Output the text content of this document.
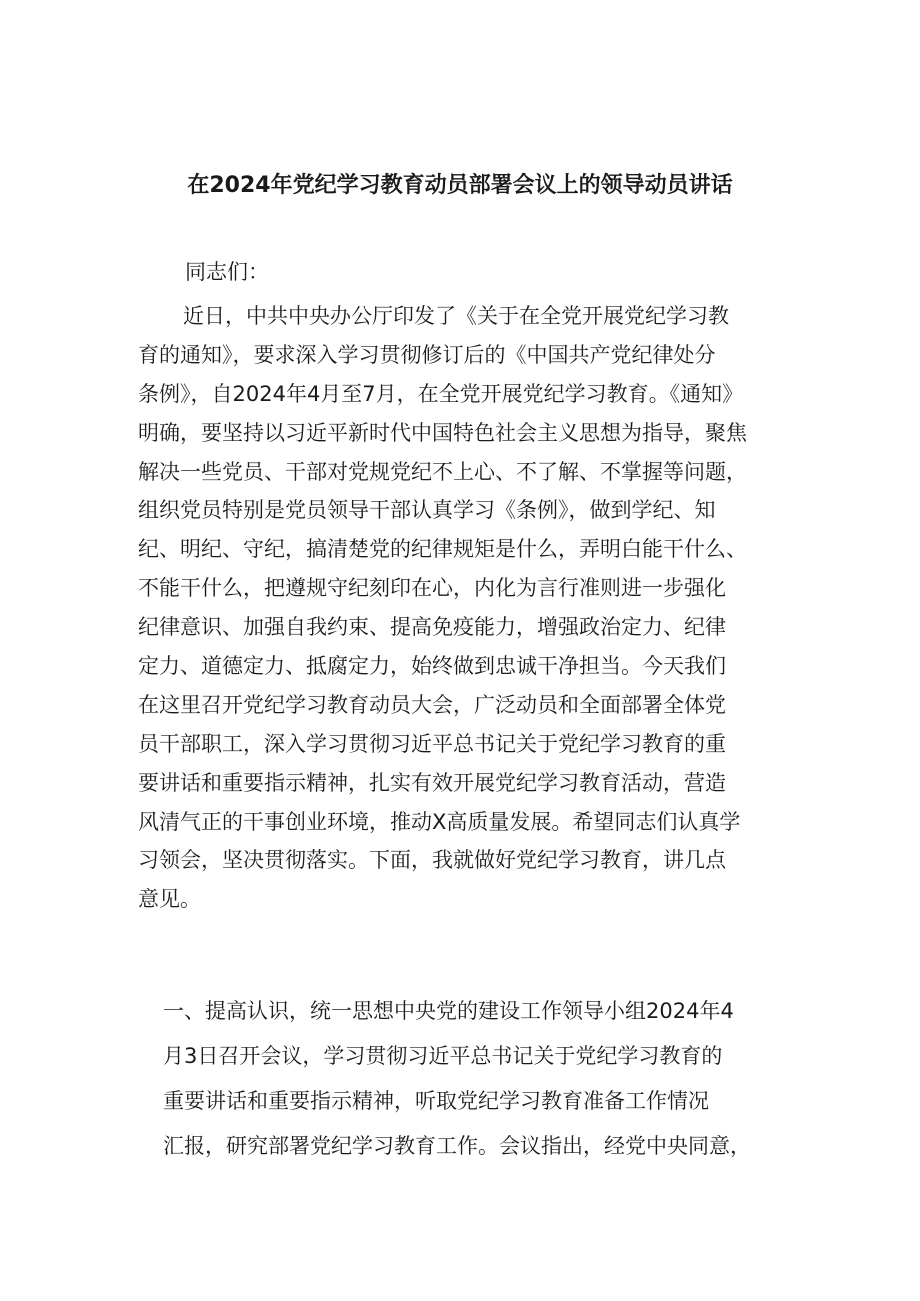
在2024年党纪学习教育动员部署会议上的领导动员讲话
同志们：
近日，中共中央办公厅印发了《关于在全党开展党纪学习教
育的通知》，要求深入学习贯彻修订后的《中国共产党纪律处分
条例》，自2024年4月至7月，在全党开展党纪学习教育。《通知》
明确，要坚持以习近平新时代中国特色社会主义思想为指导，聚焦
解决一些党员、干部对党规党纪不上心、不了解、不掌握等问题，
组织党员特别是党员领导干部认真学习《条例》，做到学纪、知
纪、明纪、守纪，搞清楚党的纪律规矩是什么，弄明白能干什么、
不能干什么，把遵规守纪刻印在心，内化为言行准则进一步强化
纪律意识、加强自我约束、提高免疫能力，增强政治定力、纪律
定力、道德定力、抵腐定力，始终做到忠诚干净担当。今天我们
在这里召开党纪学习教育动员大会，广泛动员和全面部署全体党
员干部职工，深入学习贯彻习近平总书记关于党纪学习教育的重
要讲话和重要指示精神，扎实有效开展党纪学习教育活动，营造
风清气正的干事创业环境，推动X高质量发展。希望同志们认真学
习领会，坚决贯彻落实。下面，我就做好党纪学习教育，讲几点
意见。
一、提高认识，统一思想中央党的建设工作领导小组2024年4
月3日召开会议，学习贯彻习近平总书记关于党纪学习教育的
重要讲话和重要指示精神，听取党纪学习教育准备工作情况
汇报，研究部署党纪学习教育工作。会议指出，经党中央同意，
